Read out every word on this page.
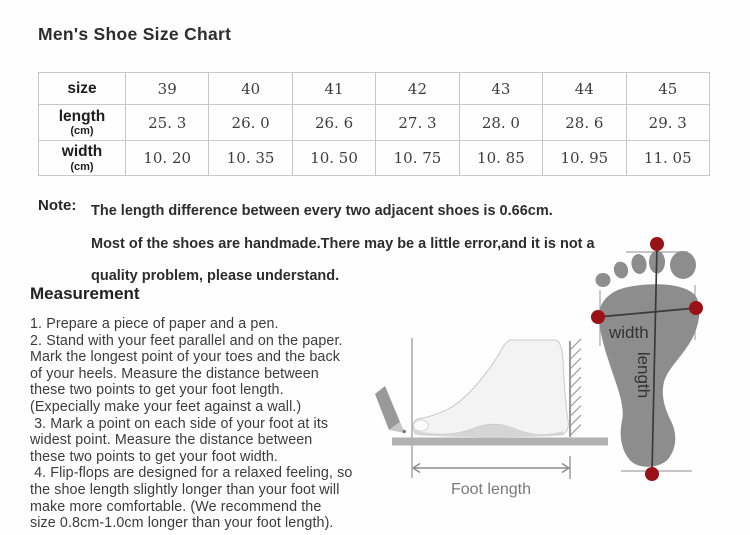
Men's Shoe Size Chart
size	39	40	41	42	43	44	45

length
(cm)	25. 3	26. 0	26. 6	27. 3	28. 0	28. 6	29. 3

width
(cm)	10. 20	10. 35	10. 50	10. 75	10. 85	10. 95	11. 05
Note: The length difference between every two adjacent shoes is 0.66cm.
Most of the shoes are handmade.There may be a little error,and it is not a
quality problem, please understand.
Measurement
1. Prepare a piece of paper and a pen.
2. Stand with your feet parallel and on the paper.
Mark the longest point of your toes and the back
of your heels. Measure the distance between
these two points to get your foot length.
(Expecially make your feet against a wall.)
3. Mark a point on each side of your foot at its
widest point. Measure the distance between
these two points to get your foot width.
4. Flip-flops are designed for a relaxed feeling, so
the shoe length slightly longer than your foot will
make more comfortable. (We recommend the
size 0.8cm-1.0cm longer than your foot length).
Foot length
width
length
